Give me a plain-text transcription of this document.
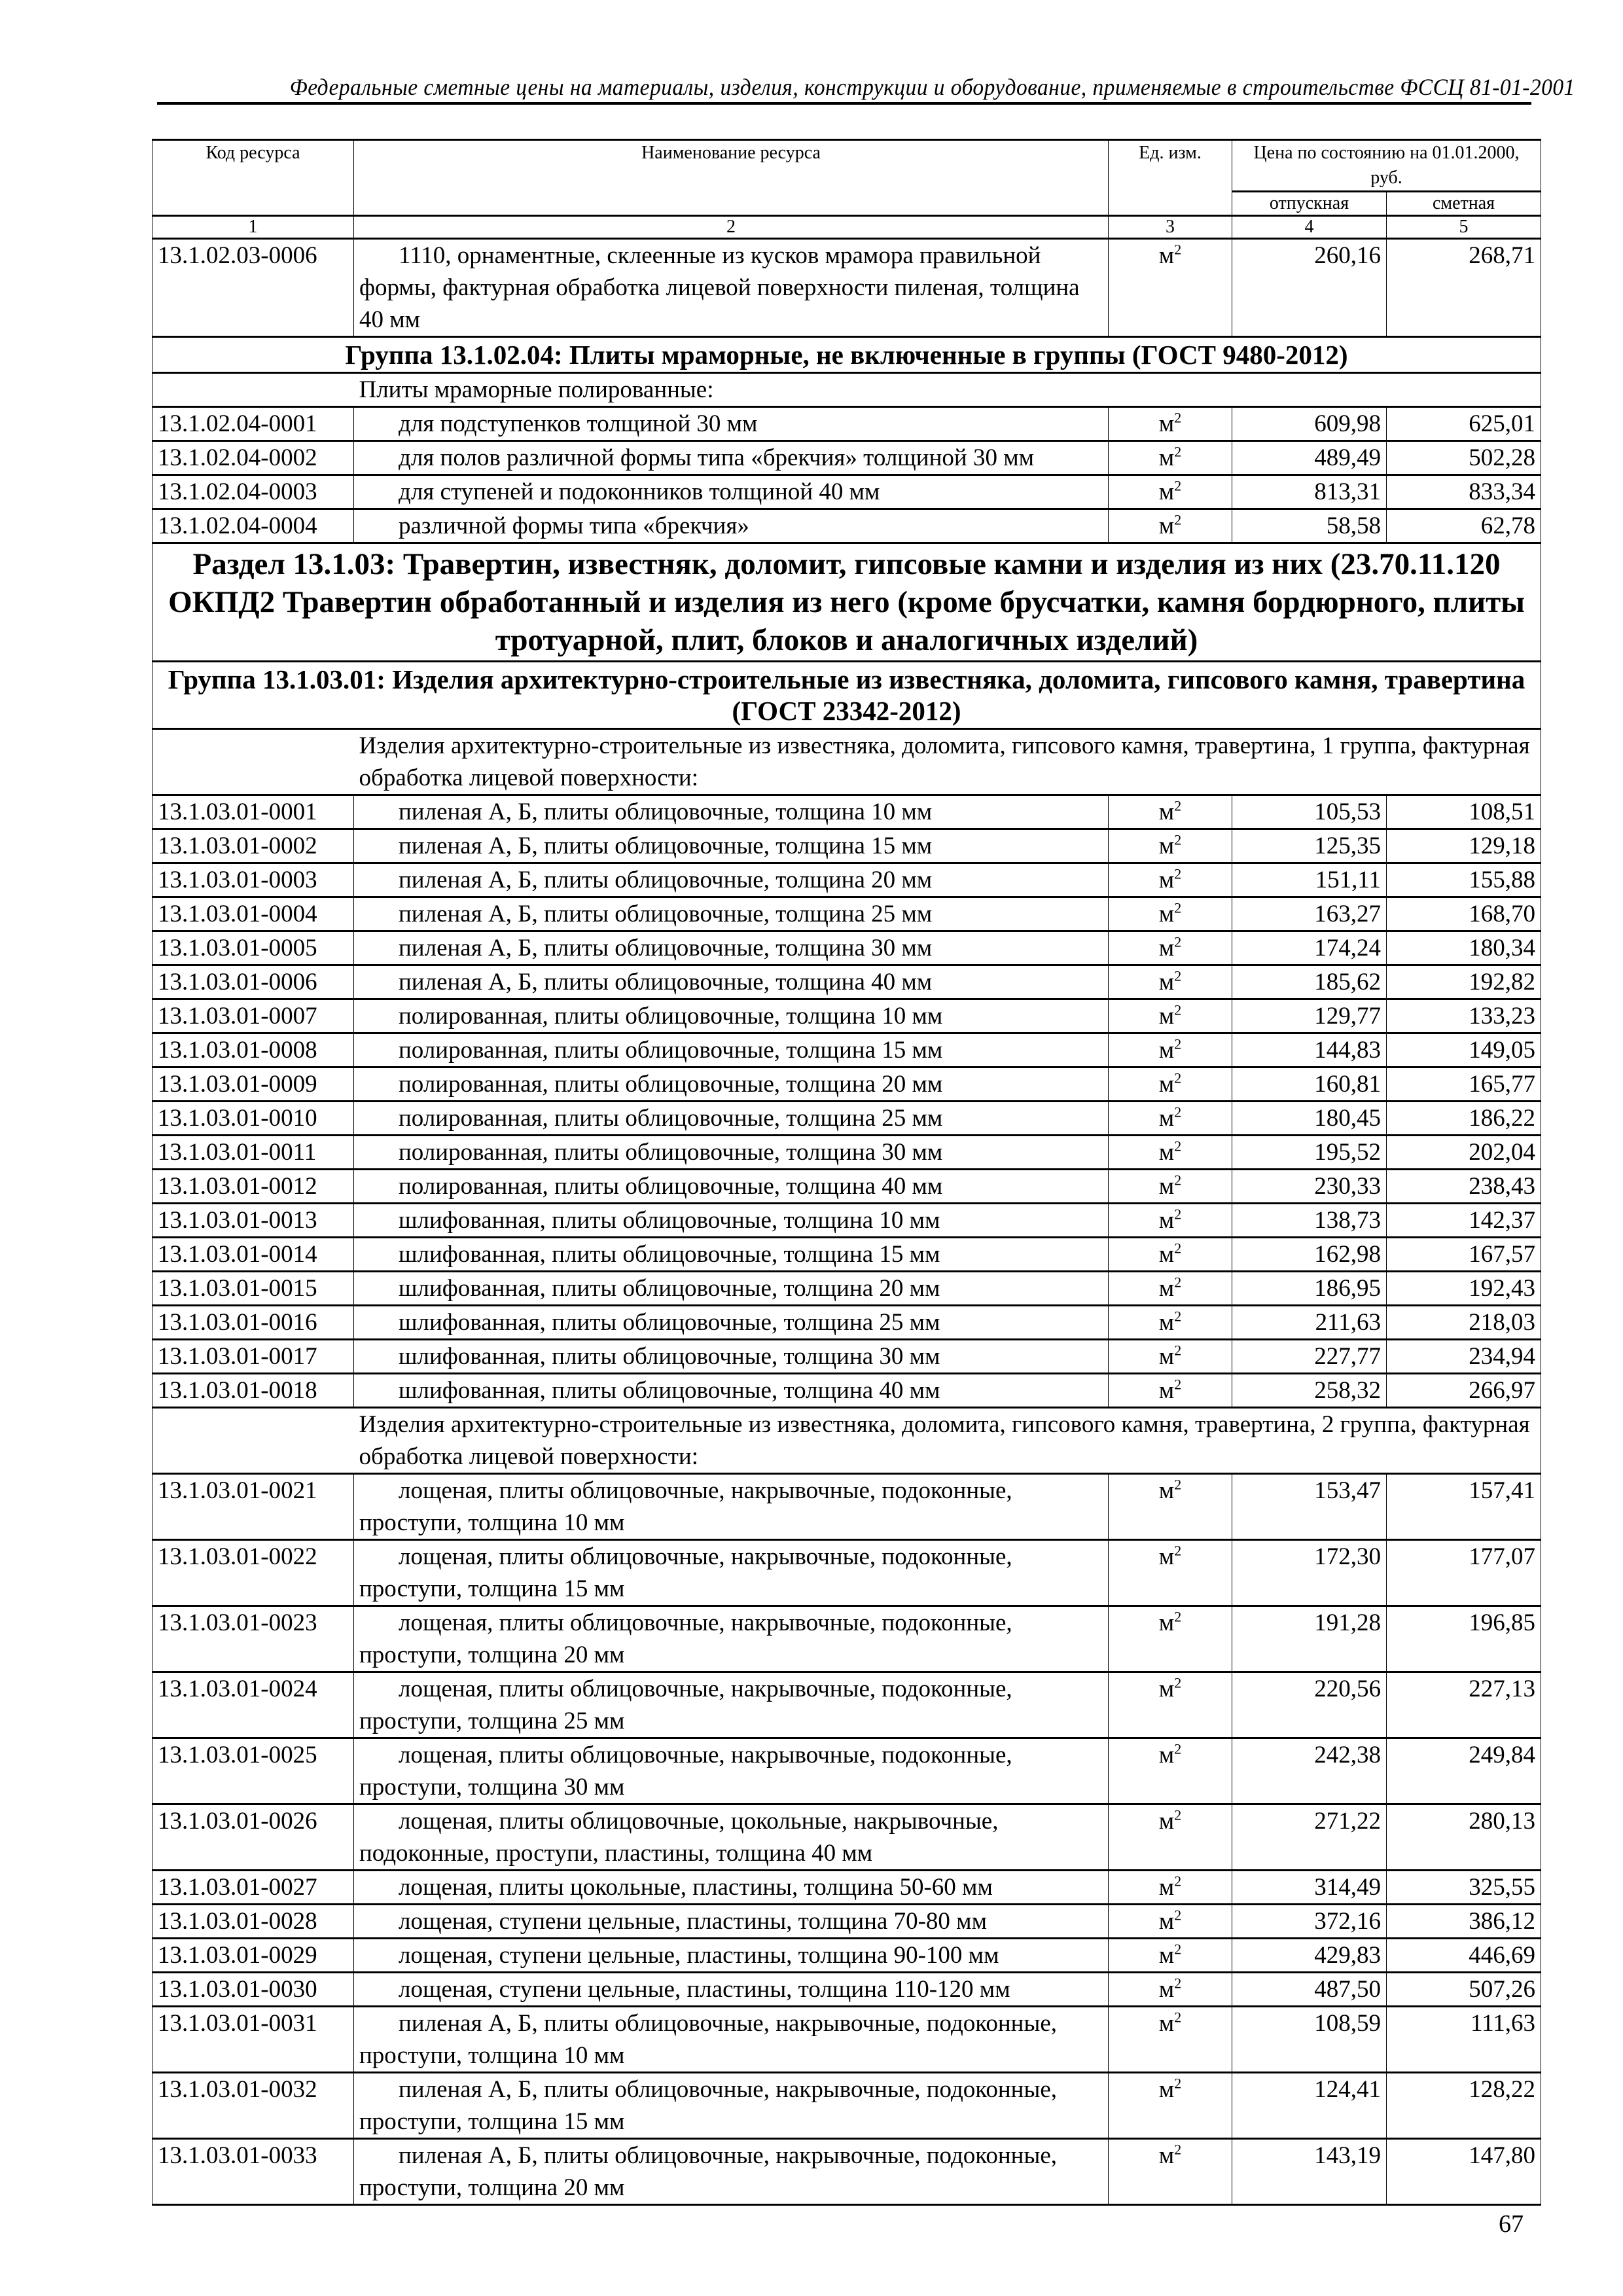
Федеральные сметные цены на материалы, изделия, конструкции и оборудование, применяемые в строительстве ФССЦ 81-01-2001
Код ресурса	Наименование ресурса	Ед. изм.	Цена по состоянию на 01.01.2000, руб.	
			отпускная	сметная
1	2	3	4	5
13.1.02.03-0006	1110, орнаментные, склеенные из кусков мрамора правильной формы, фактурная обработка лицевой поверхности пиленая, толщина 40 мм	$м^2$	260,16	268,71
Группа 13.1.02.04: Плиты мраморные, не включенные в группы (ГОСТ 9480-2012)				
	Плиты мраморные полированные:			
13.1.02.04-0001	для подступенков толщиной 30 мм	$м^2$	609,98	625,01
13.1.02.04-0002	для полов различной формы типа «брекчия» толщиной 30 мм	$м^2$	489,49	502,28
13.1.02.04-0003	для ступеней и подоконников толщиной 40 мм	$м^2$	813,31	833,34
13.1.02.04-0004	различной формы типа «брекчия»	$м^2$	58,58	62,78
Раздел 13.1.03: Травертин, известняк, доломит, гипсовые камни и изделия из них (23.70.11.120 ОКПД2 Травертин обработанный и изделия из него (кроме брусчатки, камня бордюрного, плиты тротуарной, плит, блоков и аналогичных изделий)				
Группа 13.1.03.01: Изделия архитектурно-строительные из известняка, доломита, гипсового камня, травертина (ГОСТ 23342-2012)				
	Изделия архитектурно-строительные из известняка, доломита, гипсового камня, травертина, 1 группа, фактурная обработка лицевой поверхности:			
13.1.03.01-0001	пиленая А, Б, плиты облицовочные, толщина 10 мм	$м^2$	105,53	108,51
13.1.03.01-0002	пиленая А, Б, плиты облицовочные, толщина 15 мм	$м^2$	125,35	129,18
13.1.03.01-0003	пиленая А, Б, плиты облицовочные, толщина 20 мм	$м^2$	151,11	155,88
13.1.03.01-0004	пиленая А, Б, плиты облицовочные, толщина 25 мм	$м^2$	163,27	168,70
13.1.03.01-0005	пиленая А, Б, плиты облицовочные, толщина 30 мм	$м^2$	174,24	180,34
13.1.03.01-0006	пиленая А, Б, плиты облицовочные, толщина 40 мм	$м^2$	185,62	192,82
13.1.03.01-0007	полированная, плиты облицовочные, толщина 10 мм	$м^2$	129,77	133,23
13.1.03.01-0008	полированная, плиты облицовочные, толщина 15 мм	$м^2$	144,83	149,05
13.1.03.01-0009	полированная, плиты облицовочные, толщина 20 мм	$м^2$	160,81	165,77
13.1.03.01-0010	полированная, плиты облицовочные, толщина 25 мм	$м^2$	180,45	186,22
13.1.03.01-0011	полированная, плиты облицовочные, толщина 30 мм	$м^2$	195,52	202,04
13.1.03.01-0012	полированная, плиты облицовочные, толщина 40 мм	$м^2$	230,33	238,43
13.1.03.01-0013	шлифованная, плиты облицовочные, толщина 10 мм	$м^2$	138,73	142,37
13.1.03.01-0014	шлифованная, плиты облицовочные, толщина 15 мм	$м^2$	162,98	167,57
13.1.03.01-0015	шлифованная, плиты облицовочные, толщина 20 мм	$м^2$	186,95	192,43
13.1.03.01-0016	шлифованная, плиты облицовочные, толщина 25 мм	$м^2$	211,63	218,03
13.1.03.01-0017	шлифованная, плиты облицовочные, толщина 30 мм	$м^2$	227,77	234,94
13.1.03.01-0018	шлифованная, плиты облицовочные, толщина 40 мм	$м^2$	258,32	266,97
	Изделия архитектурно-строительные из известняка, доломита, гипсового камня, травертина, 2 группа, фактурная обработка лицевой поверхности:			
13.1.03.01-0021	лощеная, плиты облицовочные, накрывочные, подоконные, проступи, толщина 10 мм	$м^2$	153,47	157,41
13.1.03.01-0022	лощеная, плиты облицовочные, накрывочные, подоконные, проступи, толщина 15 мм	$м^2$	172,30	177,07
13.1.03.01-0023	лощеная, плиты облицовочные, накрывочные, подоконные, проступи, толщина 20 мм	$м^2$	191,28	196,85
13.1.03.01-0024	лощеная, плиты облицовочные, накрывочные, подоконные, проступи, толщина 25 мм	$м^2$	220,56	227,13
13.1.03.01-0025	лощеная, плиты облицовочные, накрывочные, подоконные, проступи, толщина 30 мм	$м^2$	242,38	249,84
13.1.03.01-0026	лощеная, плиты облицовочные, цокольные, накрывочные, подоконные, проступи, пластины, толщина 40 мм	$м^2$	271,22	280,13
13.1.03.01-0027	лощеная, плиты цокольные, пластины, толщина 50-60 мм	$м^2$	314,49	325,55
13.1.03.01-0028	лощеная, ступени цельные, пластины, толщина 70-80 мм	$м^2$	372,16	386,12
13.1.03.01-0029	лощеная, ступени цельные, пластины, толщина 90-100 мм	$м^2$	429,83	446,69
13.1.03.01-0030	лощеная, ступени цельные, пластины, толщина 110-120 мм	$м^2$	487,50	507,26
13.1.03.01-0031	пиленая А, Б, плиты облицовочные, накрывочные, подоконные, проступи, толщина 10 мм	$м^2$	108,59	111,63
13.1.03.01-0032	пиленая А, Б, плиты облицовочные, накрывочные, подоконные, проступи, толщина 15 мм	$м^2$	124,41	128,22
13.1.03.01-0033	пиленая А, Б, плиты облицовочные, накрывочные, подоконные, проступи, толщина 20 мм	$м^2$	143,19	147,80
67
